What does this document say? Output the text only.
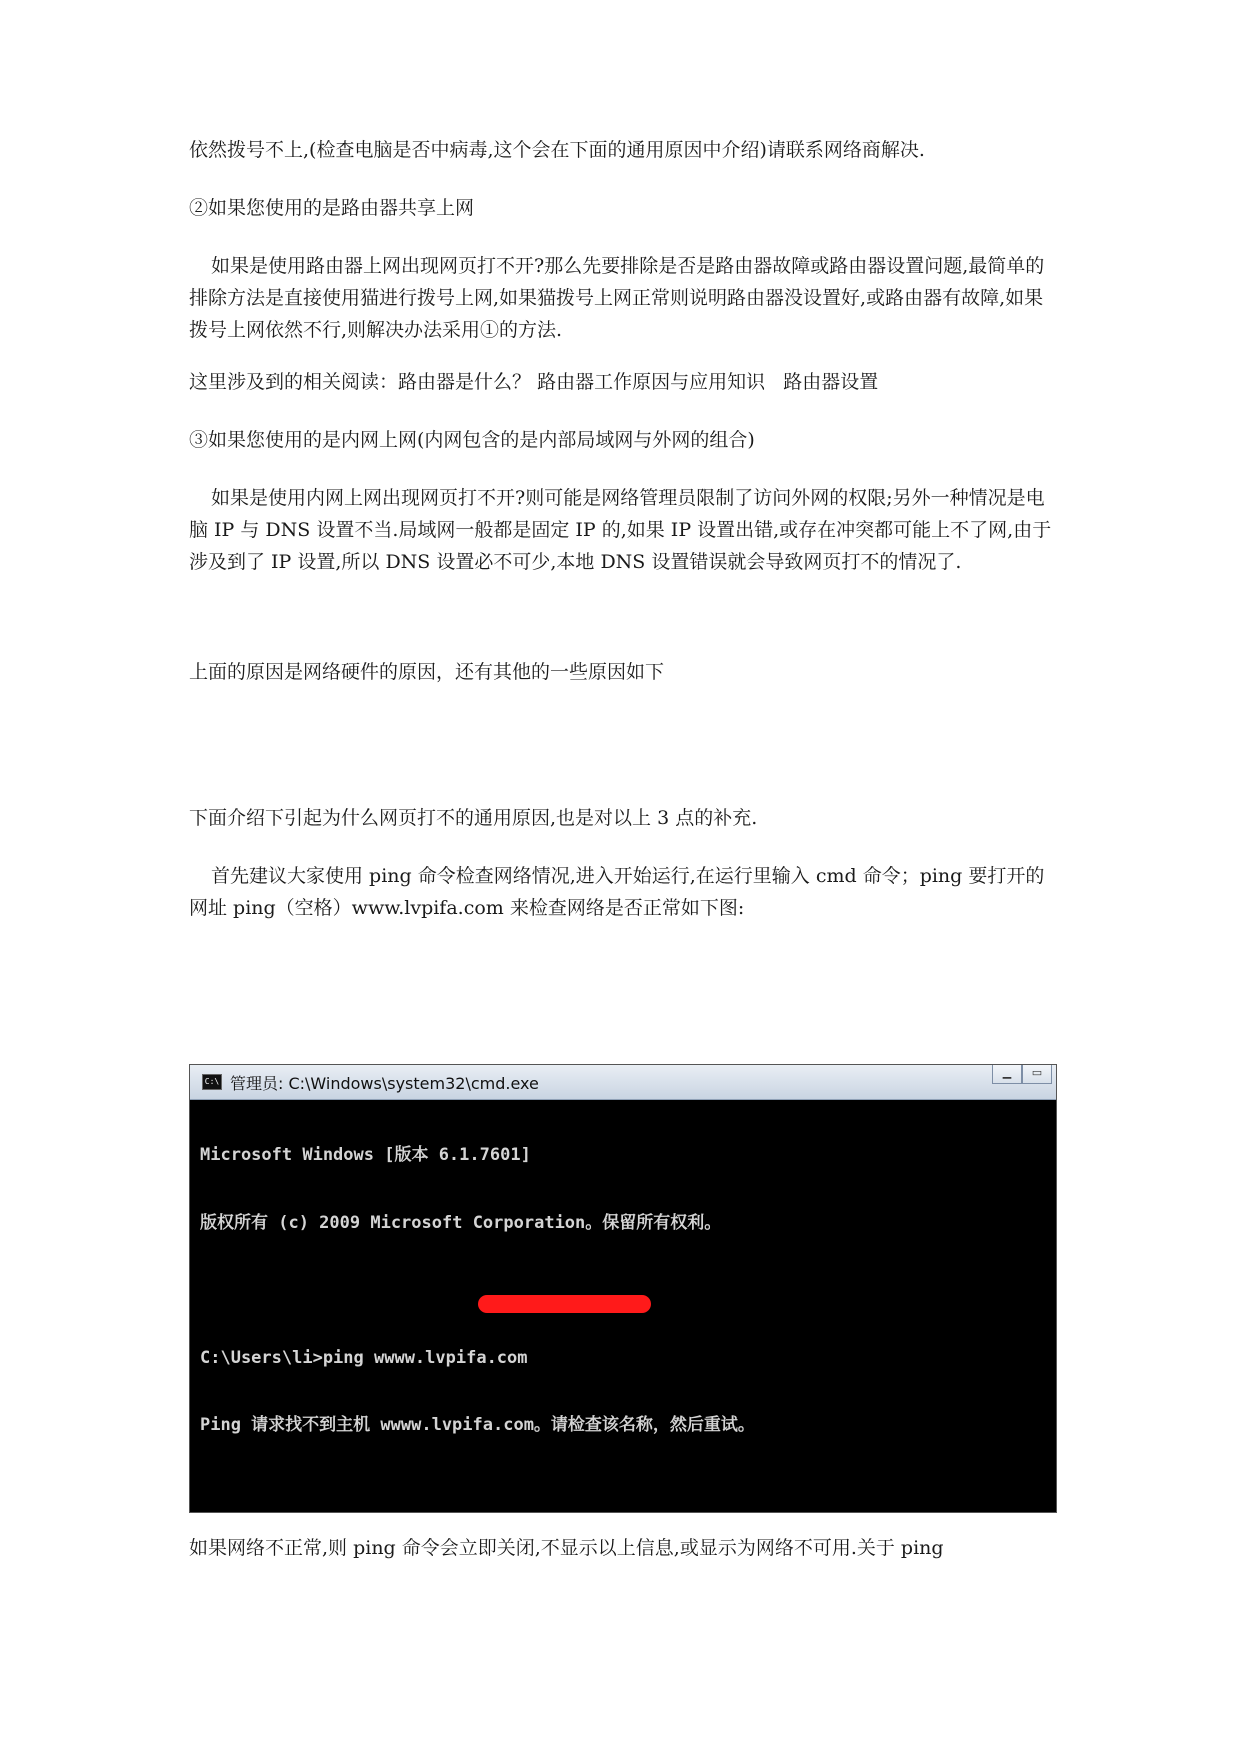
依然拨号不上,(检查电脑是否中病毒,这个会在下面的通用原因中介绍)请联系网络商解决.

②如果您使用的是路由器共享上网

如果是使用路由器上网出现网页打不开?那么先要排除是否是路由器故障或路由器设置问题,最简单的排除方法是直接使用猫进行拨号上网,如果猫拨号上网正常则说明路由器没设置好,或路由器有故障,如果拨号上网依然不行,则解决办法采用①的方法.

这里涉及到的相关阅读：路由器是什么？ 路由器工作原因与应用知识 路由器设置

③如果您使用的是内网上网(内网包含的是内部局域网与外网的组合)

如果是使用内网上网出现网页打不开?则可能是网络管理员限制了访问外网的权限;另外一种情况是电脑 IP 与 DNS 设置不当.局域网一般都是固定 IP 的,如果 IP 设置出错,或存在冲突都可能上不了网,由于涉及到了 IP 设置,所以 DNS 设置必不可少,本地 DNS 设置错误就会导致网页打不的情况了.

上面的原因是网络硬件的原因，还有其他的一些原因如下

下面介绍下引起为什么网页打不的通用原因,也是对以上 3 点的补充.

首先建议大家使用 ping 命令检查网络情况,进入开始运行,在运行里输入 cmd 命令；ping 要打开的网址 ping（空格）www.lvpifa.com 来检查网络是否正常如下图:

C:\ 管理员: C:\Windows\system32\cmd.exe
▁	▭

Microsoft Windows [版本 6.1.7601]

版权所有 (c) 2009 Microsoft Corporation。保留所有权利。

C:\Users\li>ping wwww.lvpifa.com

Ping 请求找不到主机 wwww.lvpifa.com。请检查该名称，然后重试。

如果网络不正常,则 ping 命令会立即关闭,不显示以上信息,或显示为网络不可用.关于 ping
